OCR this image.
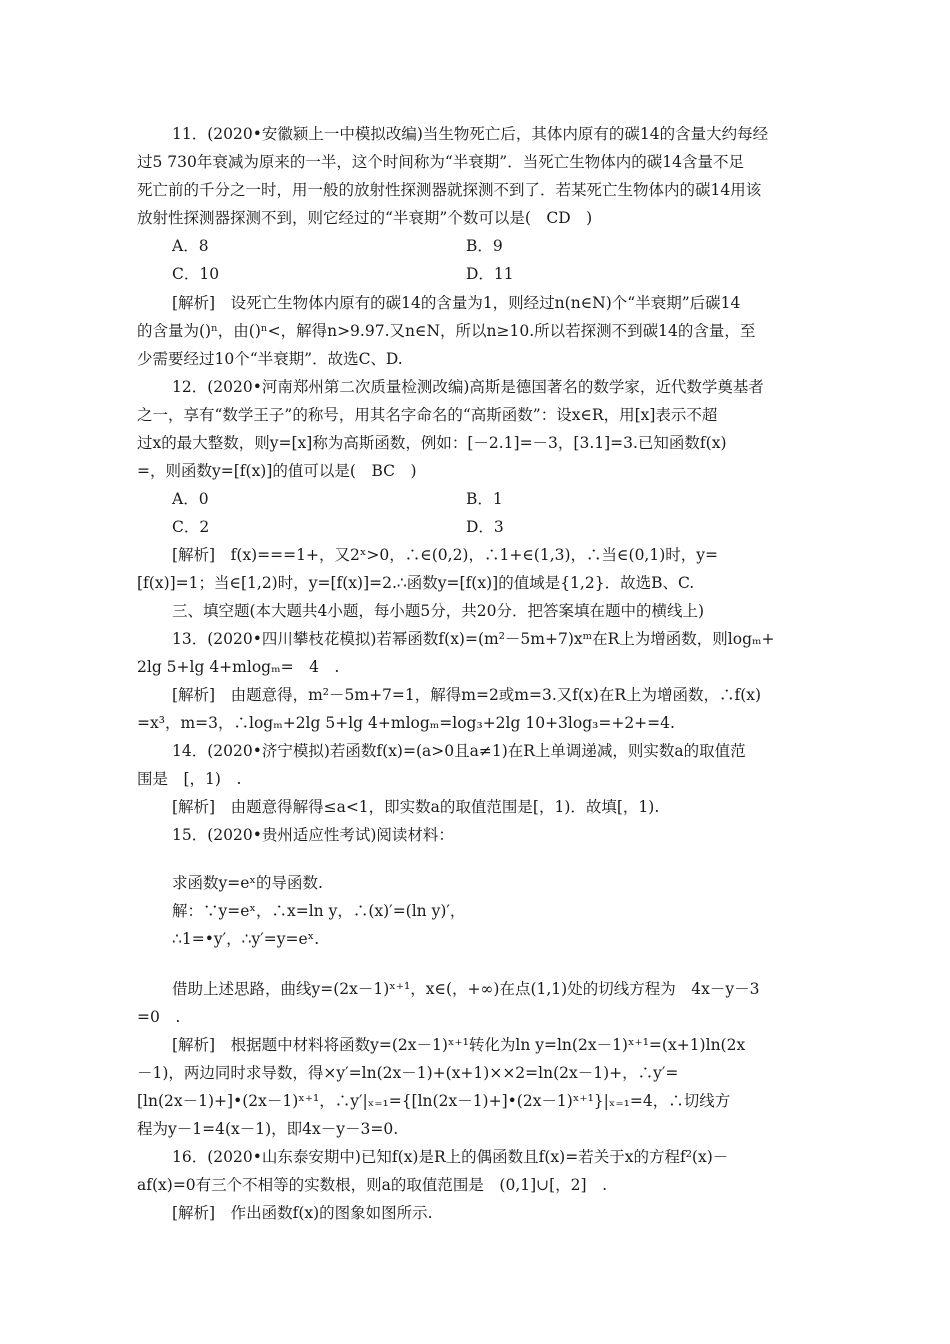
11．(2020•安徽颍上一中模拟改编)当生物死亡后，其体内原有的碳14的含量大约每经
过5 730年衰减为原来的一半，这个时间称为“半衰期”．当死亡生物体内的碳14含量不足
死亡前的千分之一时，用一般的放射性探测器就探测不到了．若某死亡生物体内的碳14用该
放射性探测器探测不到，则它经过的“半衰期”个数可以是(　CD　)
A．8	B．9
C．10	D．11
[解析]　设死亡生物体内原有的碳14的含量为1，则经过n(n∈N)个“半衰期”后碳14
的含量为()ⁿ，由()ⁿ<，解得n>9.97.又n∈N，所以n≥10.所以若探测不到碳14的含量，至
少需要经过10个“半衰期”．故选C、D.
12．(2020•河南郑州第二次质量检测改编)高斯是德国著名的数学家，近代数学奠基者
之一，享有“数学王子”的称号，用其名字命名的“高斯函数”：设x∈R，用[x]表示不超
过x的最大整数，则y=[x]称为高斯函数，例如：[－2.1]=－3，[3.1]=3.已知函数f(x)
=，则函数y=[f(x)]的值可以是(　BC　)
A．0	B．1
C．2	D．3
[解析]　f(x)===1+，又2ˣ>0，∴∈(0,2)，∴1+∈(1,3)，∴当∈(0,1)时，y=
[f(x)]=1；当∈[1,2)时，y=[f(x)]=2.∴函数y=[f(x)]的值域是{1,2}．故选B、C.
三、填空题(本大题共4小题，每小题5分，共20分．把答案填在题中的横线上)
13．(2020•四川攀枝花模拟)若幂函数f(x)=(m²－5m+7)xᵐ在R上为增函数，则logₘ+
2lg 5+lg 4+mlogₘ=　4　.
[解析]　由题意得，m²－5m+7=1，解得m=2或m=3.又f(x)在R上为增函数，∴f(x)
=x³，m=3，∴logₘ+2lg 5+lg 4+mlogₘ=log₃+2lg 10+3log₃=+2+=4.
14．(2020•济宁模拟)若函数f(x)=(a>0且a≠1)在R上单调递减，则实数a的取值范
围是　[，1)　.
[解析]　由题意得解得≤a<1，即实数a的取值范围是[，1)．故填[，1).
15．(2020•贵州适应性考试)阅读材料：
求函数y=eˣ的导函数.
解：∵y=eˣ，∴x=ln y，∴(x)′=(ln y)′，
∴1=•y′，∴y′=y=eˣ.
借助上述思路，曲线y=(2x－1)ˣ⁺¹，x∈(，+∞)在点(1,1)处的切线方程为　4x－y－3
=0　.
[解析]　根据题中材料将函数y=(2x－1)ˣ⁺¹转化为ln y=ln(2x－1)ˣ⁺¹=(x+1)ln(2x
－1)，两边同时求导数，得×y′=ln(2x－1)+(x+1)××2=ln(2x－1)+，∴y′=
[ln(2x－1)+]•(2x－1)ˣ⁺¹，∴y′|ₓ₌₁={[ln(2x－1)+]•(2x－1)ˣ⁺¹}|ₓ₌₁=4，∴切线方
程为y－1=4(x－1)，即4x－y－3=0.
16．(2020•山东泰安期中)已知f(x)是R上的偶函数且f(x)=若关于x的方程f²(x)－
af(x)=0有三个不相等的实数根，则a的取值范围是　(0,1]∪[，2]　.
[解析]　作出函数f(x)的图象如图所示.
